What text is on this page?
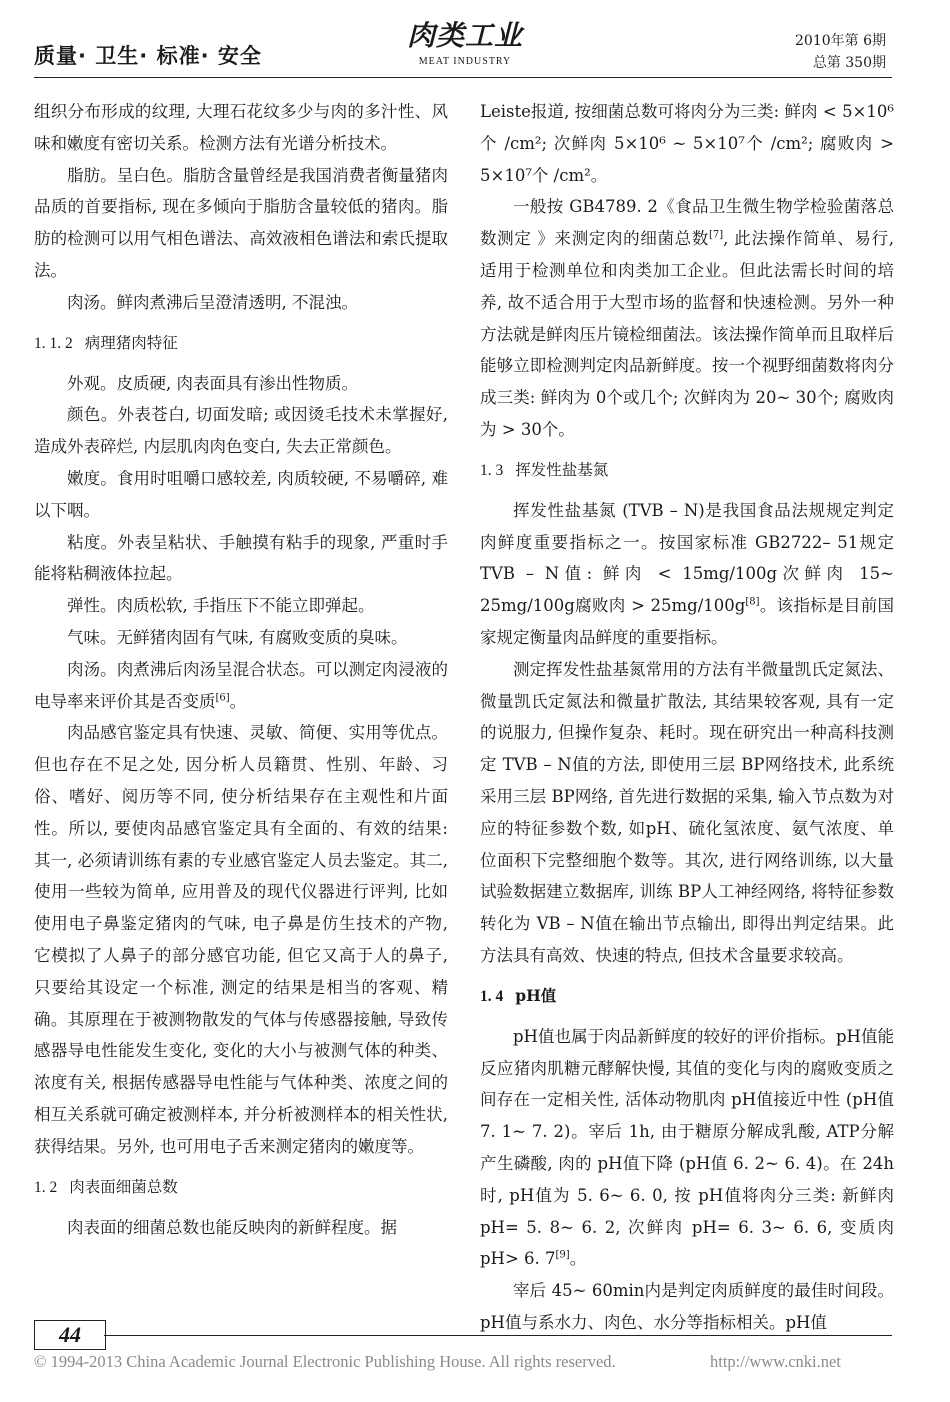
质量· 卫生· 标准· 安全
肉类工业
MEAT INDUSTRY
2010年第 6期
总第 350期

组织分布形成的纹理, 大理石花纹多少与肉的多汁性、风味和嫩度有密切关系。检测方法有光谱分析技术。

脂肪。呈白色。脂肪含量曾经是我国消费者衡量猪肉品质的首要指标, 现在多倾向于脂肪含量较低的猪肉。脂肪的检测可以用气相色谱法、高效液相色谱法和索氏提取法。

肉汤。鲜肉煮沸后呈澄清透明, 不混浊。

1. 1. 2 病理猪肉特征

外观。皮质硬, 肉表面具有渗出性物质。

颜色。外表苍白, 切面发暗; 或因烫毛技术未掌握好, 造成外表碎烂, 内层肌肉肉色变白, 失去正常颜色。

嫩度。食用时咀嚼口感较差, 肉质较硬, 不易嚼碎, 难以下咽。

粘度。外表呈粘状、手触摸有粘手的现象, 严重时手能将粘稠液体拉起。

弹性。肉质松软, 手指压下不能立即弹起。

气味。无鲜猪肉固有气味, 有腐败变质的臭味。

肉汤。肉煮沸后肉汤呈混合状态。可以测定肉浸液的电导率来评价其是否变质[6]。

肉品感官鉴定具有快速、灵敏、简便、实用等优点。但也存在不足之处, 因分析人员籍贯、性别、年龄、习俗、嗜好、阅历等不同, 使分析结果存在主观性和片面性。所以, 要使肉品感官鉴定具有全面的、有效的结果: 其一, 必须请训练有素的专业感官鉴定人员去鉴定。其二, 使用一些较为简单, 应用普及的现代仪器进行评判, 比如使用电子鼻鉴定猪肉的气味, 电子鼻是仿生技术的产物, 它模拟了人鼻子的部分感官功能, 但它又高于人的鼻子, 只要给其设定一个标准, 测定的结果是相当的客观、精确。其原理在于被测物散发的气体与传感器接触, 导致传感器导电性能发生变化, 变化的大小与被测气体的种类、浓度有关, 根据传感器导电性能与气体种类、浓度之间的相互关系就可确定被测样本, 并分析被测样本的相关性状, 获得结果。另外, 也可用电子舌来测定猪肉的嫩度等。

1. 2 肉表面细菌总数

肉表面的细菌总数也能反映肉的新鲜程度。据

Leiste报道, 按细菌总数可将肉分为三类: 鲜肉 < 5×10⁶个 /cm²; 次鲜肉 5×10⁶ ~ 5×10⁷个 /cm²; 腐败肉 > 5×10⁷个 /cm²。

一般按 GB4789. 2《食品卫生微生物学检验菌落总数测定 》来测定肉的细菌总数[7], 此法操作简单、易行, 适用于检测单位和肉类加工企业。但此法需长时间的培养, 故不适合用于大型市场的监督和快速检测。另外一种方法就是鲜肉压片镜检细菌法。该法操作简单而且取样后能够立即检测判定肉品新鲜度。按一个视野细菌数将肉分成三类: 鲜肉为 0个或几个; 次鲜肉为 20~ 30个; 腐败肉为 > 30个。

1. 3 挥发性盐基氮

挥发性盐基氮 (TVB – N)是我国食品法规规定判定肉鲜度重要指标之一。按国家标准 GB2722– 51规定 TVB – N值: 鲜肉 < 15mg/100g次鲜肉 15~ 25mg/100g腐败肉 > 25mg/100g[8]。该指标是目前国家规定衡量肉品鲜度的重要指标。

测定挥发性盐基氮常用的方法有半微量凯氏定氮法、微量凯氏定氮法和微量扩散法, 其结果较客观, 具有一定的说服力, 但操作复杂、耗时。现在研究出一种高科技测定 TVB – N值的方法, 即使用三层 BP网络技术, 此系统采用三层 BP网络, 首先进行数据的采集, 输入节点数为对应的特征参数个数, 如pH、硫化氢浓度、氨气浓度、单位面积下完整细胞个数等。其次, 进行网络训练, 以大量试验数据建立数据库, 训练 BP人工神经网络, 将特征参数转化为 VB – N值在输出节点输出, 即得出判定结果。此方法具有高效、快速的特点, 但技术含量要求较高。

1. 4 pH值

pH值也属于肉品新鲜度的较好的评价指标。pH值能反应猪肉肌糖元酵解快慢, 其值的变化与肉的腐败变质之间存在一定相关性, 活体动物肌肉 pH值接近中性 (pH值 7. 1~ 7. 2)。宰后 1h, 由于糖原分解成乳酸, ATP分解产生磷酸, 肉的 pH值下降 (pH值 6. 2~ 6. 4)。在 24h时, pH值为 5. 6~ 6. 0, 按 pH值将肉分三类: 新鲜肉 pH= 5. 8~ 6. 2, 次鲜肉 pH= 6. 3~ 6. 6, 变质肉 pH> 6. 7[9]。

宰后 45~ 60min内是判定肉质鲜度的最佳时间段。pH值与系水力、肉色、水分等指标相关。pH值

44
© 1994-2013 China Academic Journal Electronic Publishing House. All rights reserved.	http://www.cnki.net
